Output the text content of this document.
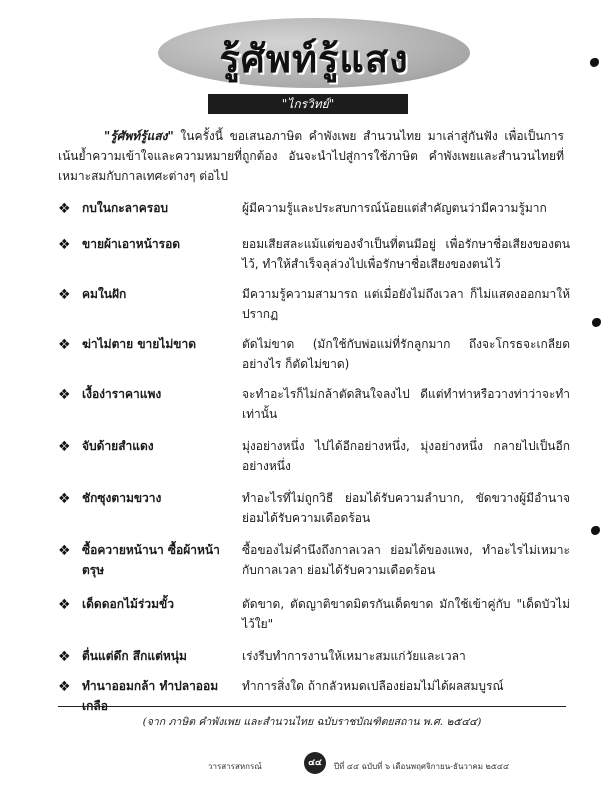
รู้ศัพท์รู้แสง
"ไกรวิทย์"
"รู้ศัพท์รู้แสง" ในครั้งนี้ ขอเสนอภาษิต คำพังเพย สำนวนไทย มาเล่าสู่กันฟัง เพื่อเป็นการเน้นย้ำความเข้าใจและความหมายที่ถูกต้อง อันจะนำไปสู่การใช้ภาษิต คำพังเพยและสำนวนไทยที่เหมาะสมกับกาลเทศะต่างๆ ต่อไป
❖ กบในกะลาครอบ	ผู้มีความรู้และประสบการณ์น้อยแต่สำคัญตนว่ามีความรู้มาก
❖ ขายผ้าเอาหน้ารอด	ยอมเสียสละแม้แต่ของจำเป็นที่ตนมีอยู่ เพื่อรักษาชื่อเสียงของตนไว้, ทำให้สำเร็จลุล่วงไปเพื่อรักษาชื่อเสียงของตนไว้
❖ คมในฝัก	มีความรู้ความสามารถ แต่เมื่อยังไม่ถึงเวลา ก็ไม่แสดงออกมาให้ปรากฏ
❖ ฆ่าไม่ตาย ขายไม่ขาด	ตัดไม่ขาด (มักใช้กับพ่อแม่ที่รักลูกมาก ถึงจะโกรธจะเกลียดอย่างไร ก็ตัดไม่ขาด)
❖ เงื้อง่าราคาแพง	จะทำอะไรก็ไม่กล้าตัดสินใจลงไป ดีแต่ทำท่าหรือวางท่าว่าจะทำเท่านั้น
❖ จับด้ายสำแดง	มุ่งอย่างหนึ่ง ไปได้อีกอย่างหนึ่ง, มุ่งอย่างหนึ่ง กลายไปเป็นอีกอย่างหนึ่ง
❖ ชักซุงตามขวาง	ทำอะไรที่ไม่ถูกวิธี ย่อมได้รับความลำบาก, ขัดขวางผู้มีอำนาจย่อมได้รับความเดือดร้อน
❖ ซื้อควายหน้านา ซื้อผ้าหน้าตรุษ
ซื้อของไม่คำนึงถึงกาลเวลา ย่อมได้ของแพง, ทำอะไรไม่เหมาะกับกาลเวลา ย่อมได้รับความเดือดร้อน
❖ เด็ดดอกไม้ร่วมขั้ว	ตัดขาด, ตัดญาติขาดมิตรกันเด็ดขาด มักใช้เข้าคู่กับ "เด็ดบัวไม่ไว้ใย"
❖ ตื่นแต่ดึก สึกแต่หนุ่ม	เร่งรีบทำการงานให้เหมาะสมแก่วัยและเวลา
❖ ทำนาออมกล้า ทำปลาออมเกลือ
ทำการสิ่งใด ถ้ากลัวหมดเปลืองย่อมไม่ได้ผลสมบูรณ์
(จาก ภาษิต คำพังเพย และสำนวนไทย ฉบับราชบัณฑิตยสถาน พ.ศ. ๒๕๔๔)
วารสารสหกรณ์	๔๔	ปีที่ ๔๔ ฉบับที่ ๖ เดือนพฤศจิกายน-ธันวาคม ๒๕๔๔
